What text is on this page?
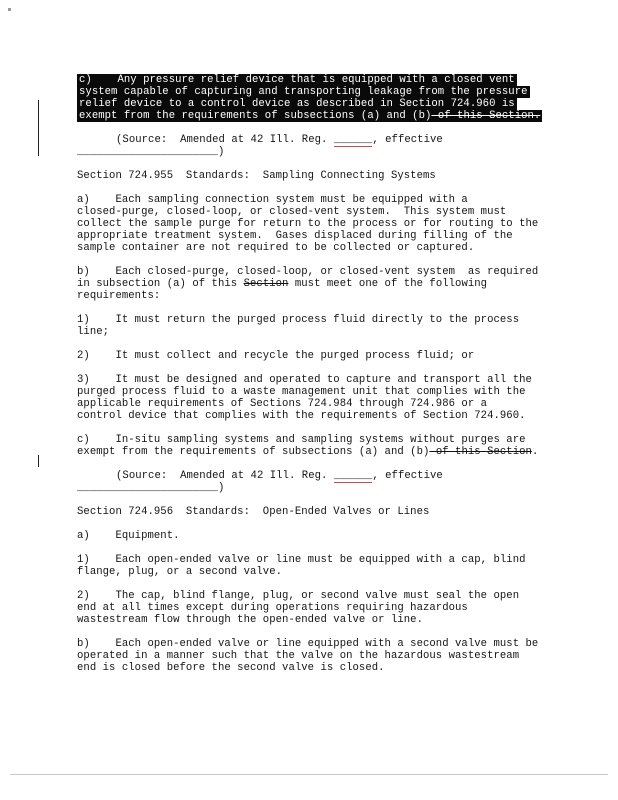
c)    Any pressure relief device that is equipped with a closed vent
system capable of capturing and transporting leakage from the pressure
relief device to a control device as described in Section 724.960 is
exempt from the requirements of subsections (a) and (b) of this Section.
(Source:  Amended at 42 Ill. Reg. ______, effective
______________________)
Section 724.955  Standards:  Sampling Connecting Systems
a)    Each sampling connection system must be equipped with a
closed-purge, closed-loop, or closed-vent system.  This system must
collect the sample purge for return to the process or for routing to the
appropriate treatment system.  Gases displaced during filling of the
sample container are not required to be collected or captured.
b)    Each closed-purge, closed-loop, or closed-vent system  as required
in subsection (a) of this Section must meet one of the following
requirements:
1)    It must return the purged process fluid directly to the process
line;
2)    It must collect and recycle the purged process fluid; or
3)    It must be designed and operated to capture and transport all the
purged process fluid to a waste management unit that complies with the
applicable requirements of Sections 724.984 through 724.986 or a
control device that complies with the requirements of Section 724.960.
c)    In-situ sampling systems and sampling systems without purges are
exempt from the requirements of subsections (a) and (b) of this Section.
(Source:  Amended at 42 Ill. Reg. ______, effective
______________________)
Section 724.956  Standards:  Open-Ended Valves or Lines
a)    Equipment.
1)    Each open-ended valve or line must be equipped with a cap, blind
flange, plug, or a second valve.
2)    The cap, blind flange, plug, or second valve must seal the open
end at all times except during operations requiring hazardous
wastestream flow through the open-ended valve or line.
b)    Each open-ended valve or line equipped with a second valve must be
operated in a manner such that the valve on the hazardous wastestream
end is closed before the second valve is closed.
